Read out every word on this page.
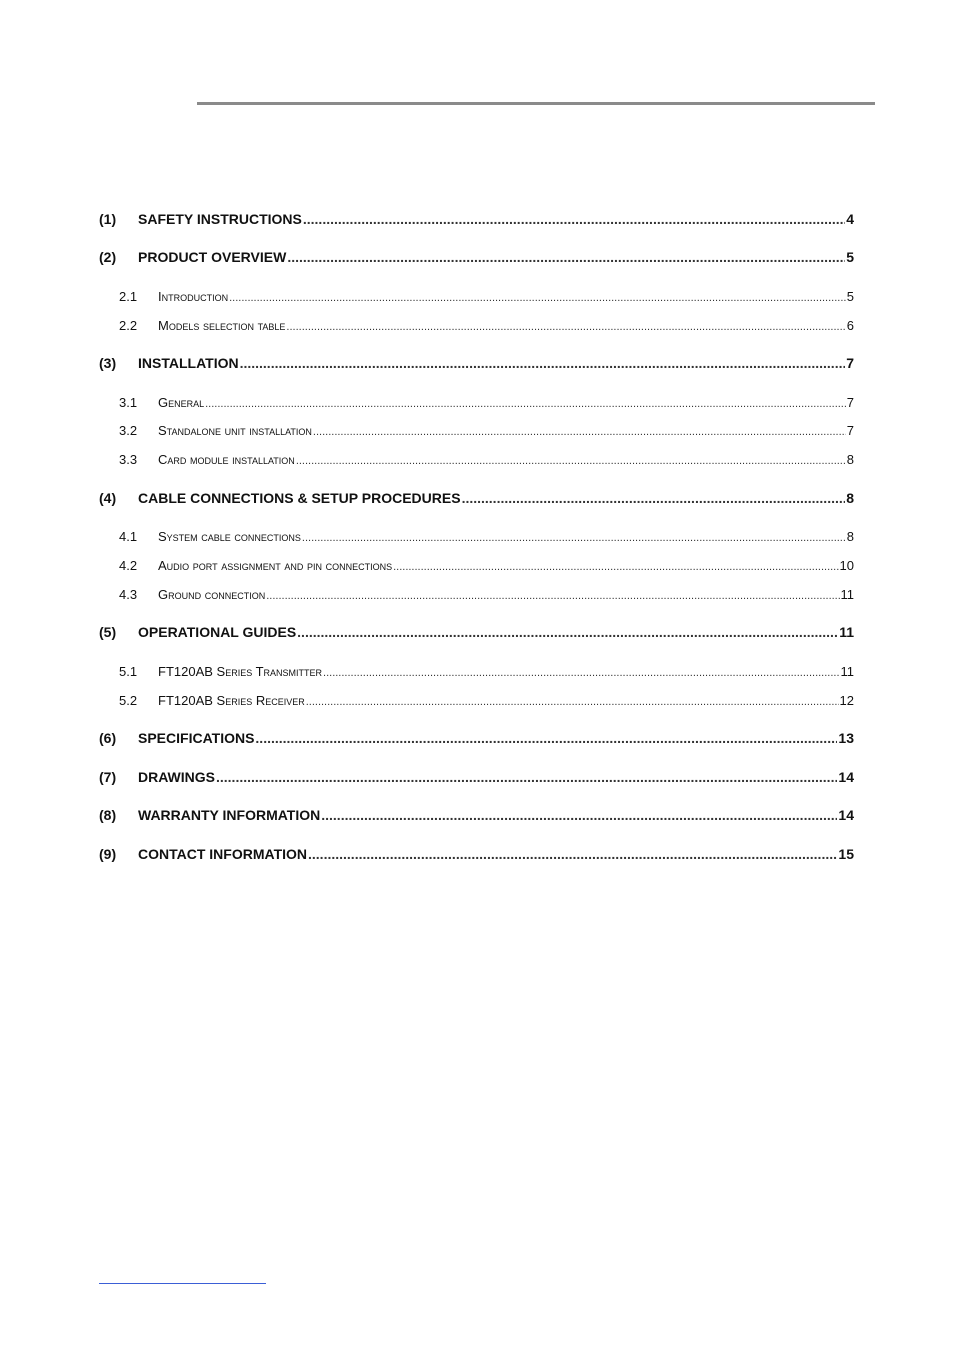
(1)	SAFETY INSTRUCTIONS .....	4
(2)	PRODUCT OVERVIEW .....	5
2.1	Introduction .....	5
2.2	Models selection table .....	6
(3)	INSTALLATION .....	7
3.1	General .....	7
3.2	Standalone unit installation .....	7
3.3	Card module installation .....	8
(4)	CABLE CONNECTIONS & SETUP PROCEDURES .....	8
4.1	System cable connections .....	8
4.2	Audio port assignment and pin connections .....	10
4.3	Ground connection .....	11
(5)	OPERATIONAL GUIDES .....	11
5.1	FT120AB Series Transmitter .....	11
5.2	FT120AB Series Receiver .....	12
(6)	SPECIFICATIONS .....	13
(7)	DRAWINGS .....	14
(8)	WARRANTY INFORMATION .....	14
(9)	CONTACT INFORMATION .....	15
